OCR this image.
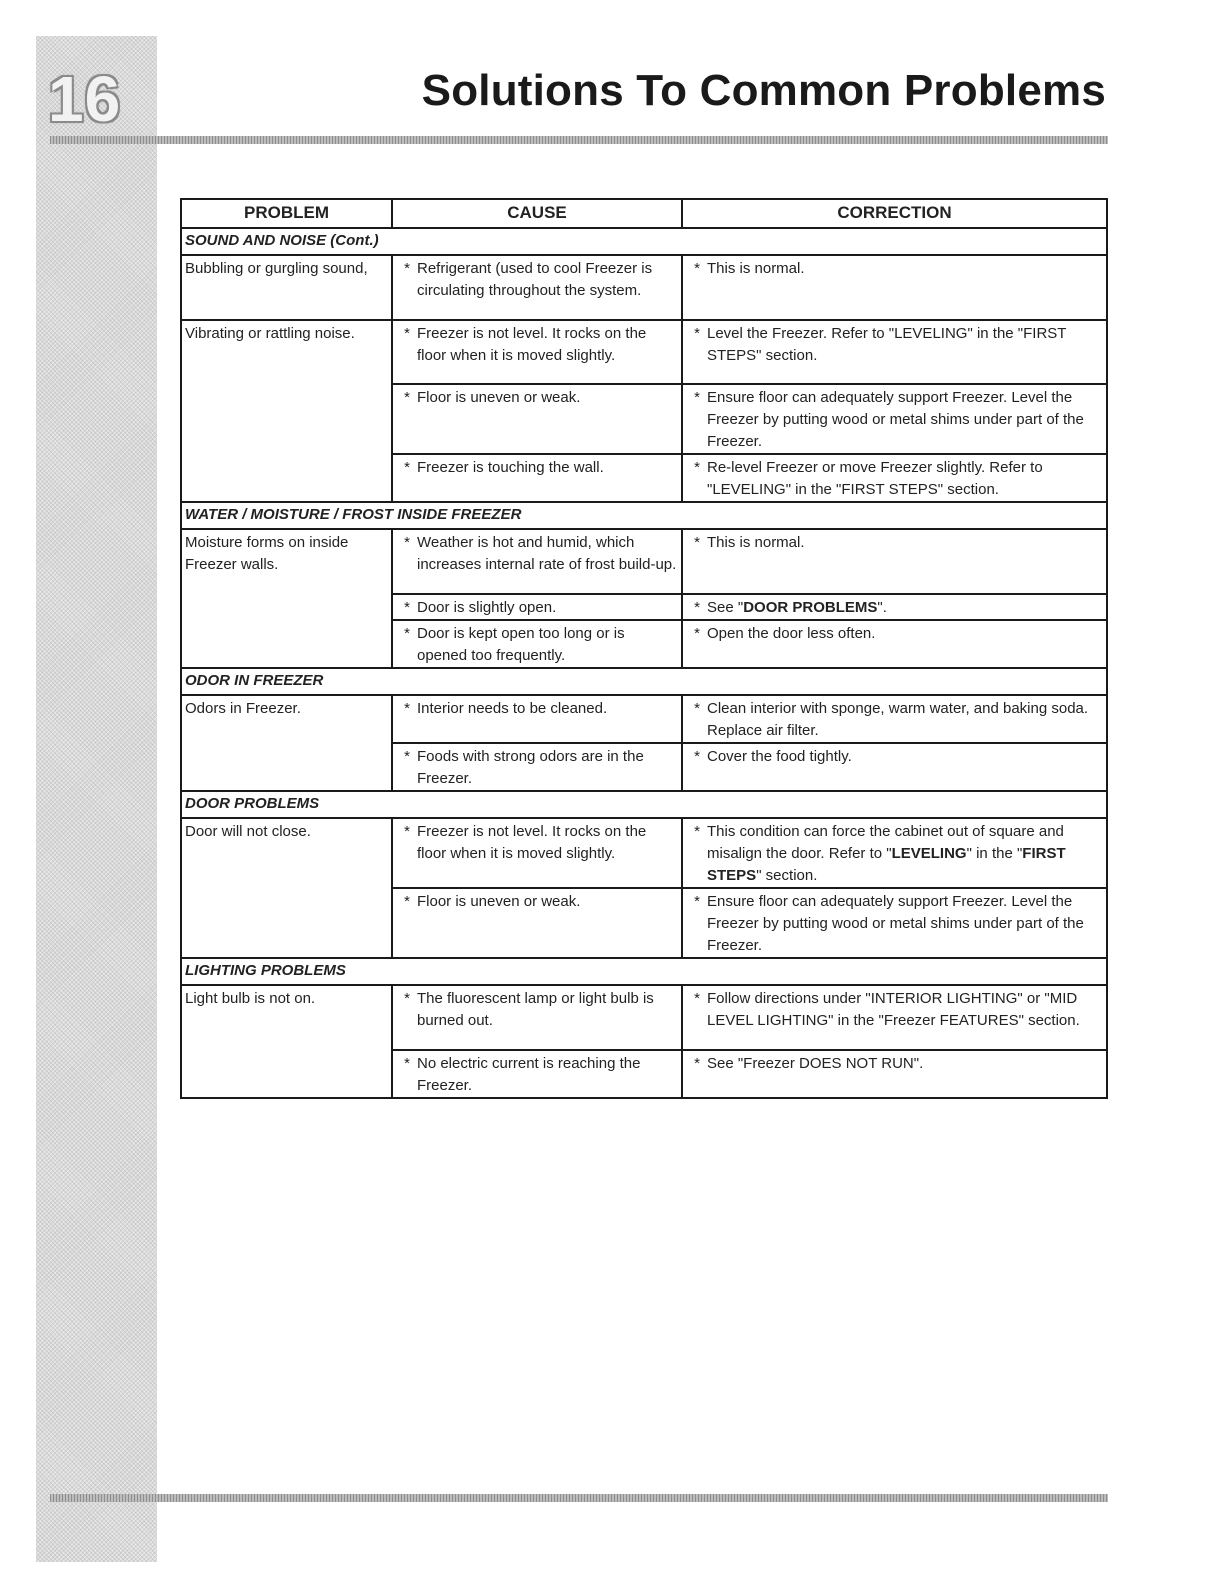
16	Solutions To Common Problems
PROBLEM	CAUSE	CORRECTION
SOUND AND NOISE (Cont.)		
Bubbling or gurgling sound,	* Refrigerant (used to cool Freezer is circulating throughout the system.	* This is normal.

Vibrating or rattling noise.	* Freezer is not level. It rocks on the floor when it is moved slightly.	* Level the Freezer. Refer to "LEVELING" in the "FIRST STEPS" section.

	* Floor is uneven or weak.	* Ensure floor can adequately support Freezer. Level the Freezer by putting wood or metal shims under part of the Freezer.

	* Freezer is touching the wall.	* Re-level Freezer or move Freezer slightly. Refer to "LEVELING" in the "FIRST STEPS" section.

WATER / MOISTURE / FROST INSIDE FREEZER		
Moisture forms on inside Freezer walls.	* Weather is hot and humid, which increases internal rate of frost build-up.	* This is normal.

	* Door is slightly open.	* See "DOOR PROBLEMS".

	* Door is kept open too long or is opened too frequently.	* Open the door less often.

ODOR IN FREEZER		
Odors in Freezer.	* Interior needs to be cleaned.	* Clean interior with sponge, warm water, and baking soda. Replace air filter.

	* Foods with strong odors are in the Freezer.	* Cover the food tightly.

DOOR PROBLEMS		
Door will not close.	* Freezer is not level. It rocks on the floor when it is moved slightly.	* This condition can force the cabinet out of square and misalign the door. Refer to "LEVELING" in the "FIRST STEPS" section.

	* Floor is uneven or weak.	* Ensure floor can adequately support Freezer. Level the Freezer by putting wood or metal shims under part of the Freezer.

LIGHTING PROBLEMS		
Light bulb is not on.	* The fluorescent lamp or light bulb is burned out.	* Follow directions under "INTERIOR LIGHTING" or "MID LEVEL LIGHTING" in the "Freezer FEATURES" section.

	* No electric current is reaching the Freezer.	* See "Freezer DOES NOT RUN".
